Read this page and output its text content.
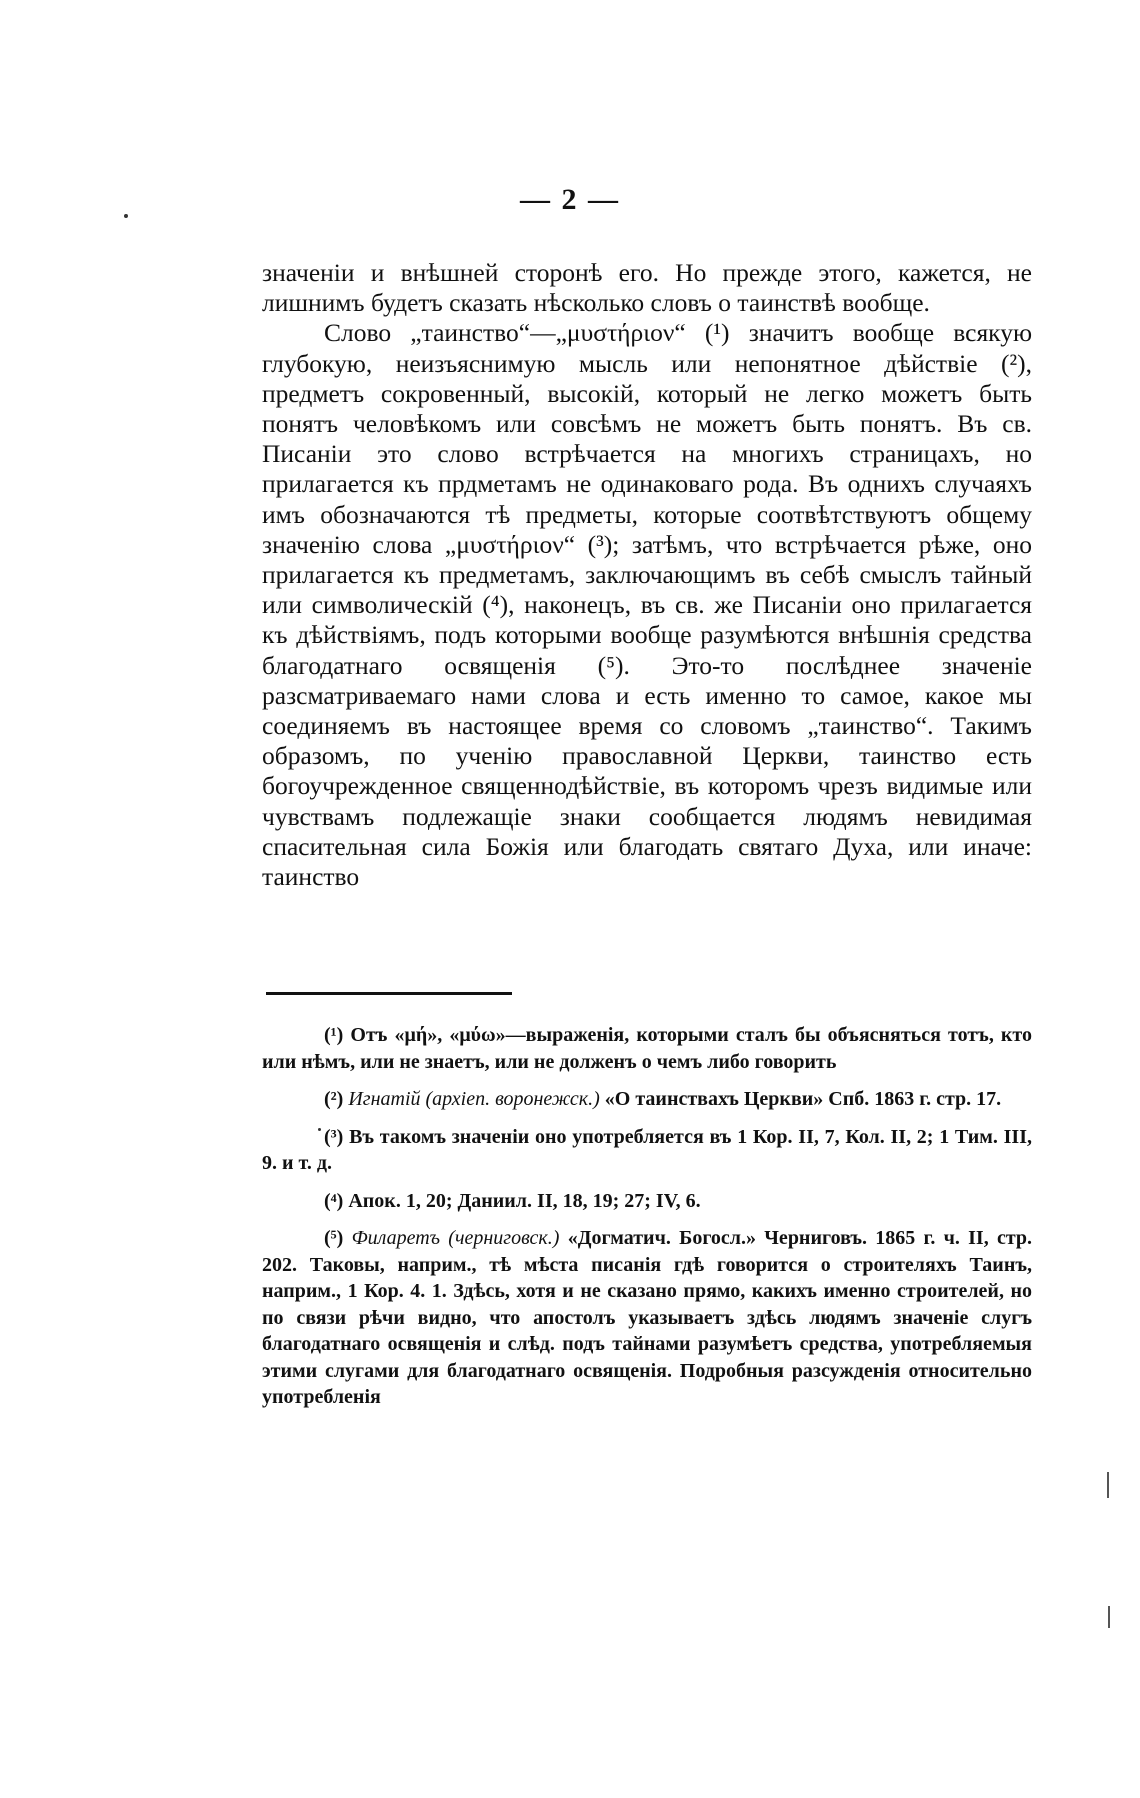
— 2 —

значенiи и внѣшней сторонѣ его. Но прежде этого, кажется, не лишнимъ будетъ сказать нѣсколько словъ о таинствѣ вообще.

Слово „таинство“—„μυστήριον“ (¹) значитъ вообще всякую глубокую, неизъяснимую мысль или непонятное дѣйствiе (²), предметъ сокровенный, высокiй, который не легко можетъ быть понятъ человѣкомъ или совсѣмъ не можетъ быть понятъ. Въ св. Писанiи это слово встрѣчается на многихъ страницахъ, но прилагается къ прдметамъ не одинаковаго рода. Въ однихъ случаяхъ имъ обозначаются тѣ предметы, которые соотвѣтствуютъ общему значенiю слова „μυστήριον“ (³); затѣмъ, что встрѣчается рѣже, оно прилагается къ предметамъ, заключающимъ въ себѣ смыслъ тайный или символическiй (⁴), наконецъ, въ св. же Писанiи оно прилагается къ дѣйствiямъ, подъ которыми вообще разумѣются внѣшнiя средства благодатнаго освященiя (⁵). Это-то послѣднее значенiе разсматриваемаго нами слова и есть именно то самое, какое мы соединяемъ въ настоящее время со словомъ „таинство“. Такимъ образомъ, по ученiю православной Церкви, таинство есть богоучрежденное священнодѣйствiе, въ которомъ чрезъ видимые или чувствамъ подлежащiе знаки сообщается людямъ невидимая спасительная сила Божiя или благодать святаго Духа, или иначе: таинство

(¹) Отъ «μή», «μύω»—выраженiя, которыми сталъ бы объясняться тотъ, кто или нѣмъ, или не знаетъ, или не долженъ о чемъ либо говорить

(²) Игнатiй (архiеп. воронежск.) «О таинствахъ Церкви» Спб. 1863 г. стр. 17.

(³) Въ такомъ значенiи оно употребляется въ 1 Кор. II, 7, Кол. II, 2; 1 Тим. III, 9. и т. д.

(⁴) Апок. 1, 20; Даниил. II, 18, 19; 27; IV, 6.

(⁵) Филаретъ (черниговск.) «Догматич. Богосл.» Черниговъ. 1865 г. ч. II, стр. 202. Таковы, наприм., тѣ мѣста писанiя гдѣ говорится о строителяхъ Таинъ, наприм., 1 Кор. 4. 1. Здѣсь, хотя и не сказано прямо, какихъ именно строителей, но по связи рѣчи видно, что апостолъ указываетъ здѣсь людямъ значенiе слугъ благодатнаго освященiя и слѣд. подъ тайнами разумѣетъ средства, употребляемыя этими слугами для благодатнаго освященiя. Подробныя разсужденiя относительно употребленiя
